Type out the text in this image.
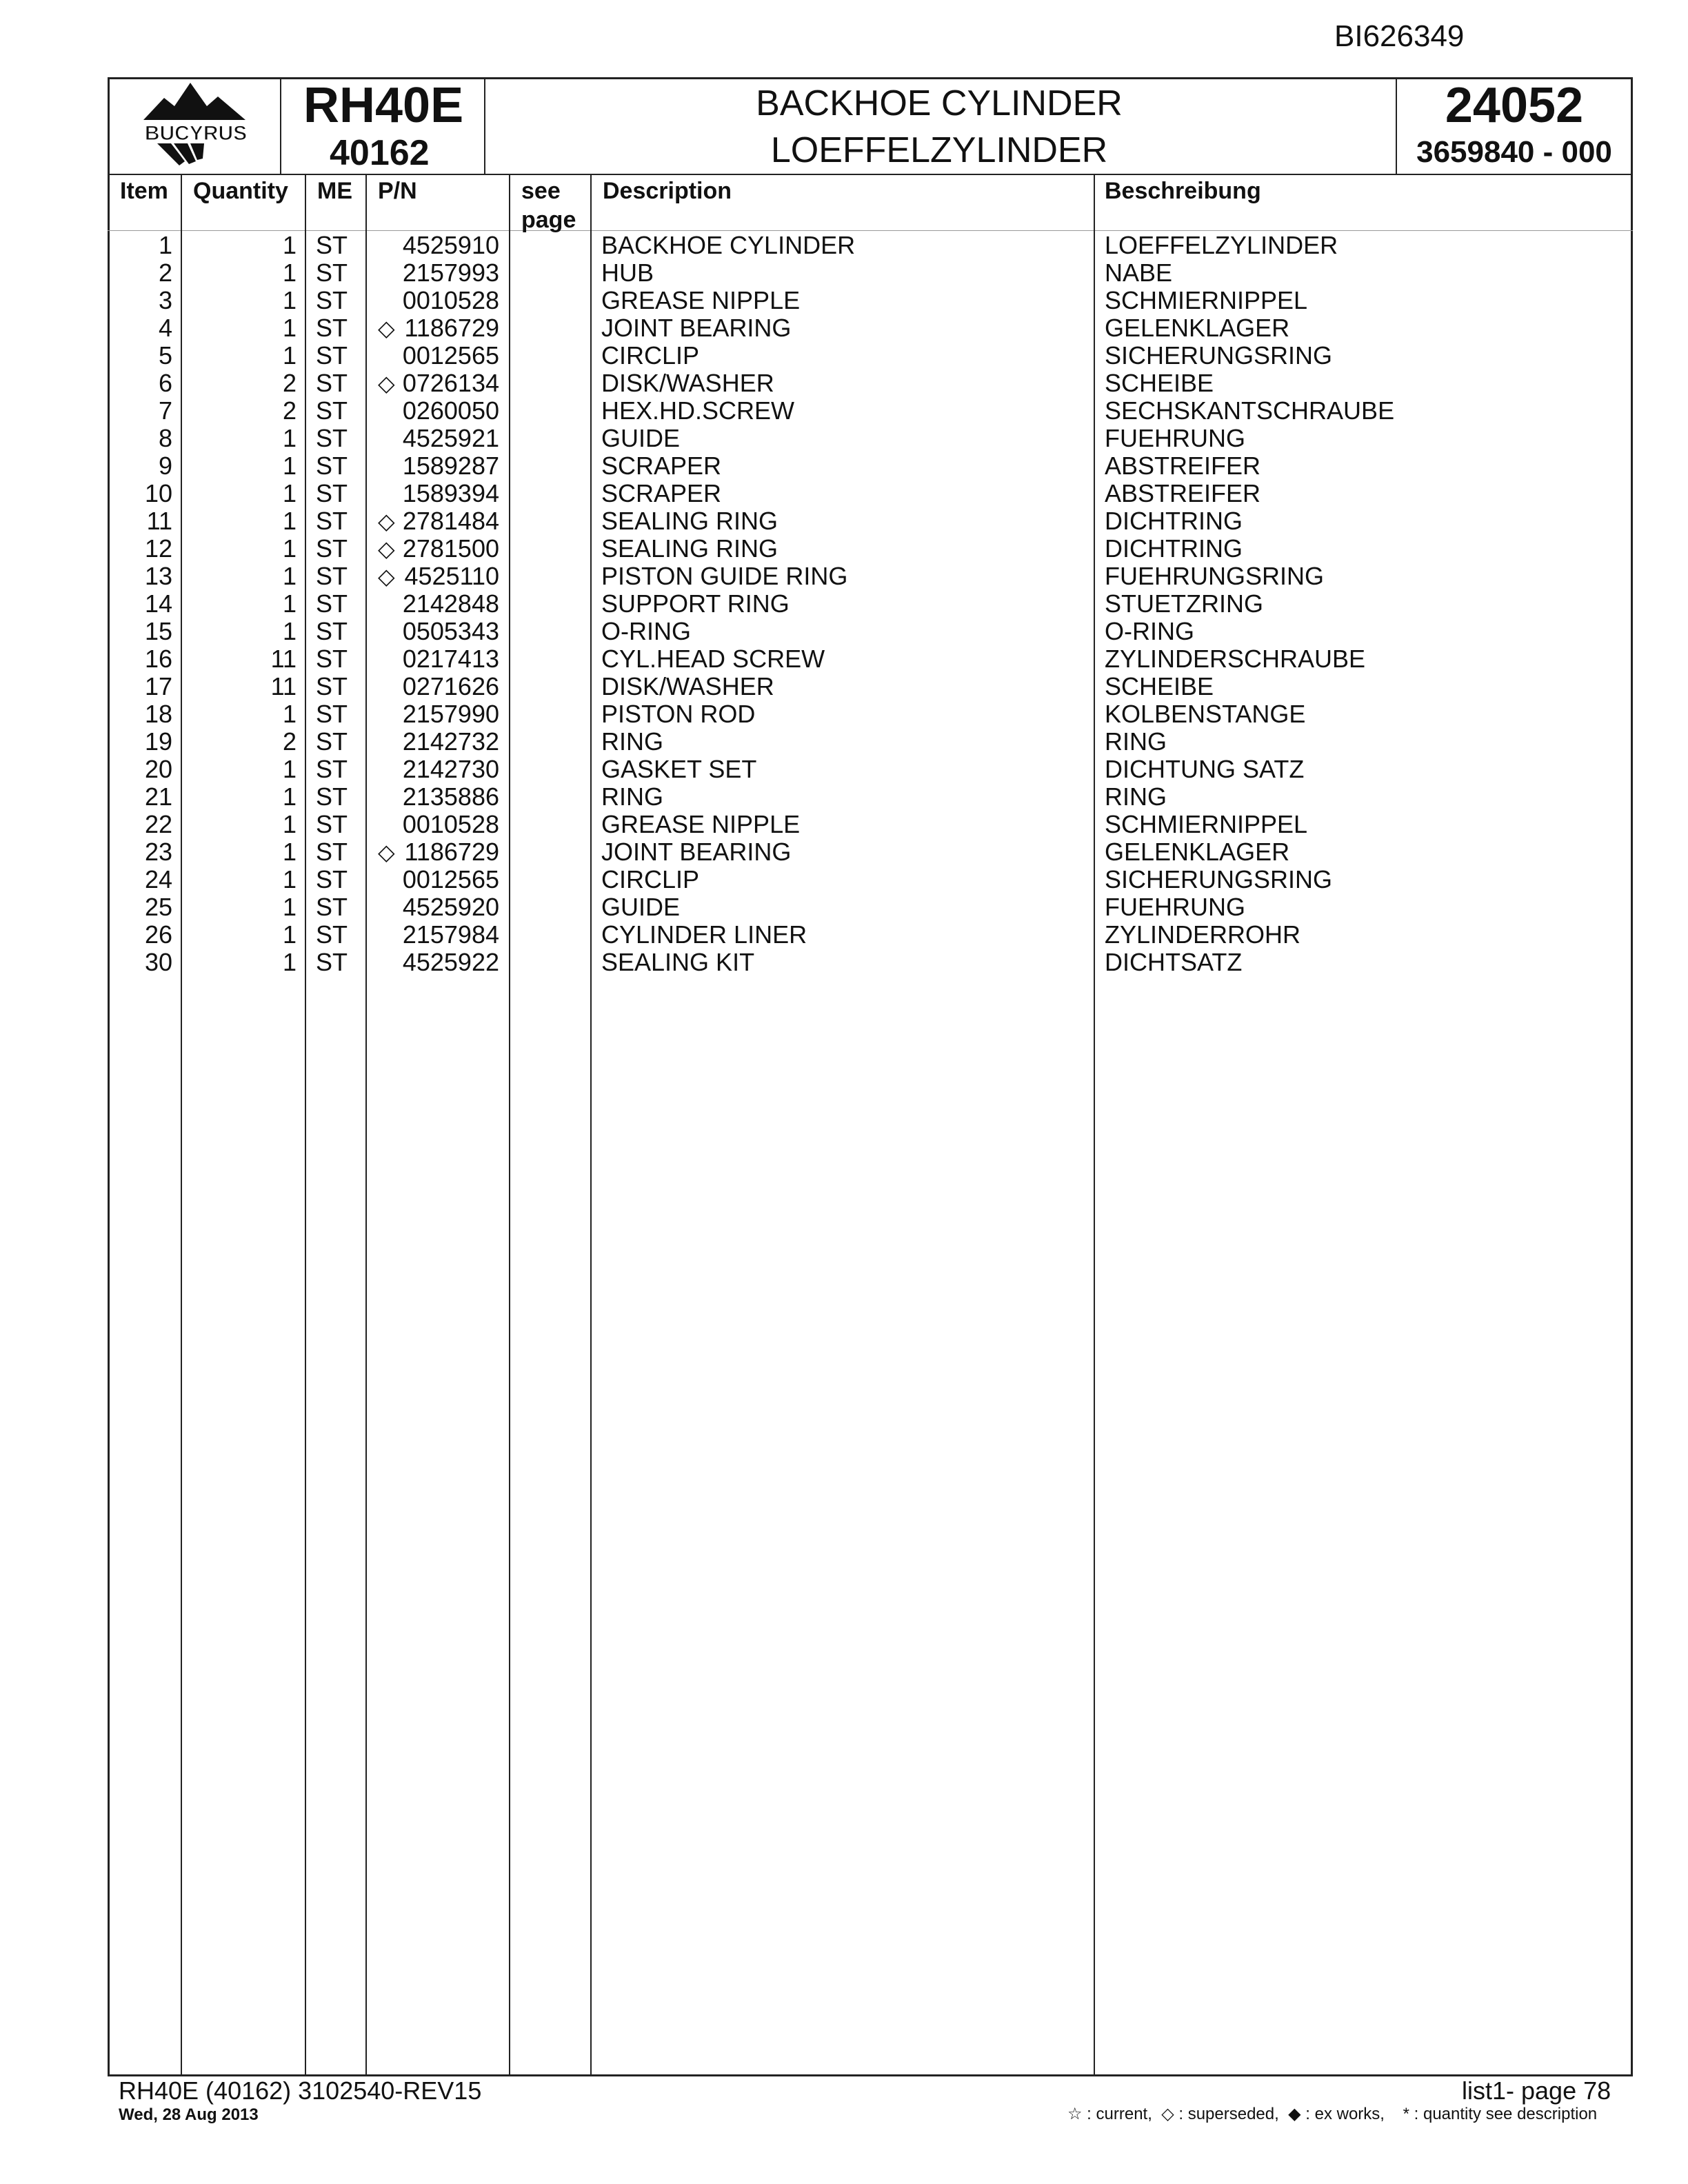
BI626349
BUCYRUS
RH40E
40162
BACKHOE CYLINDER
LOEFFELZYLINDER
24052
3659840 - 000
Item Quantity ME P/N	see
page
Description	Beschreibung
1	1 ST 4525910	BACKHOE CYLINDER	LOEFFELZYLINDER
2	1 ST 2157993	HUB	NABE
3	1 ST 0010528	GREASE NIPPLE	SCHMIERNIPPEL
4	1 ST ◇ 1186729	JOINT BEARING	GELENKLAGER
5	1 ST 0012565	CIRCLIP	SICHERUNGSRING
6	2 ST ◇ 0726134	DISK/WASHER	SCHEIBE
7	2 ST 0260050	HEX.HD.SCREW	SECHSKANTSCHRAUBE
8	1 ST 4525921	GUIDE	FUEHRUNG
9	1 ST 1589287	SCRAPER	ABSTREIFER
10	1 ST 1589394	SCRAPER	ABSTREIFER
11	1 ST ◇ 2781484	SEALING RING	DICHTRING
12	1 ST ◇ 2781500	SEALING RING	DICHTRING
13	1 ST ◇ 4525110	PISTON GUIDE RING	FUEHRUNGSRING
14	1 ST 2142848	SUPPORT RING	STUETZRING
15	1 ST 0505343	O-RING	O-RING
16	11 ST 0217413	CYL.HEAD SCREW	ZYLINDERSCHRAUBE
17	11 ST 0271626	DISK/WASHER	SCHEIBE
18	1 ST 2157990	PISTON ROD	KOLBENSTANGE
19	2 ST 2142732	RING	RING
20	1 ST 2142730	GASKET SET	DICHTUNG SATZ
21	1 ST 2135886	RING	RING
22	1 ST 0010528	GREASE NIPPLE	SCHMIERNIPPEL
23	1 ST ◇ 1186729	JOINT BEARING	GELENKLAGER
24	1 ST 0012565	CIRCLIP	SICHERUNGSRING
25	1 ST 4525920	GUIDE	FUEHRUNG
26	1 ST 2157984	CYLINDER LINER	ZYLINDERROHR
30	1 ST 4525922	SEALING KIT	DICHTSATZ
RH40E (40162) 3102540-REV15
Wed, 28 Aug 2013
list1- page 78
☆ : current, ◇ : superseded, ◆ : ex works, * : quantity see description
